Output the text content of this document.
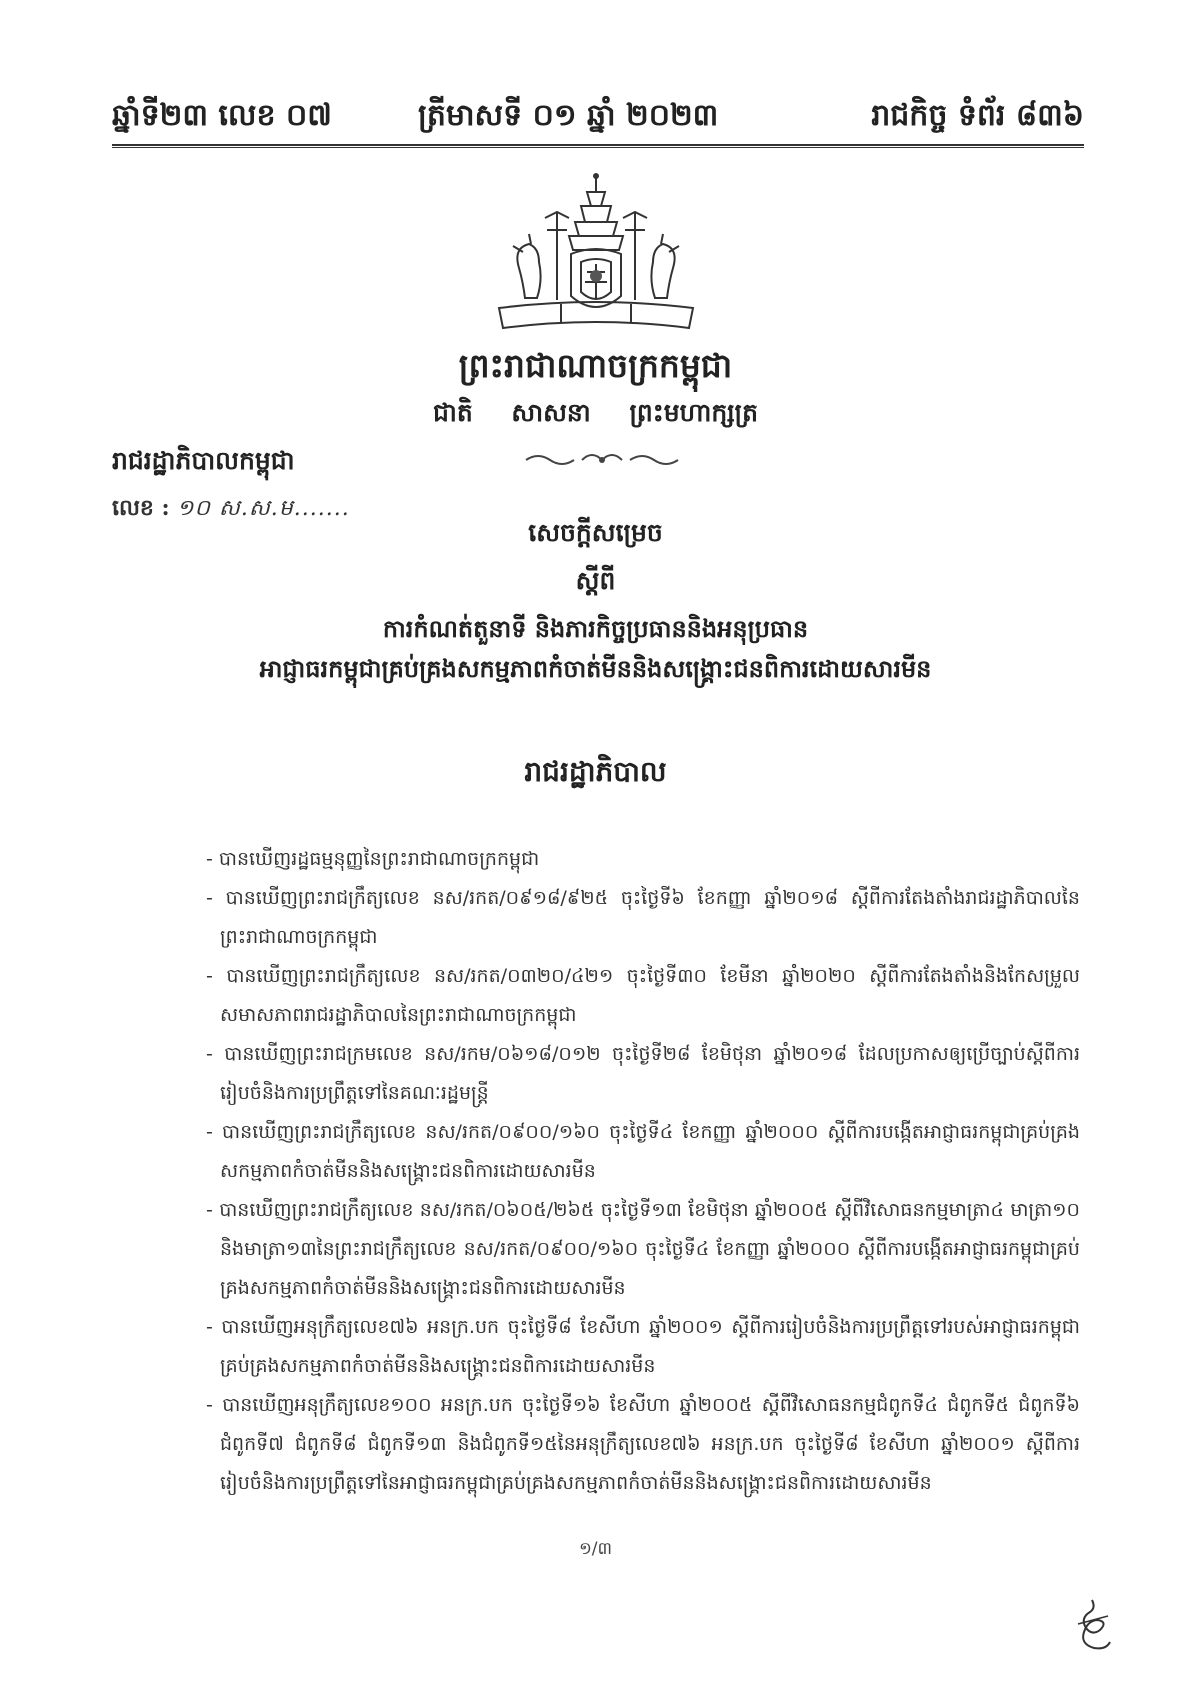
ឆ្នាំទី២៣ លេខ ០៧	ត្រីមាសទី ០១ ឆ្នាំ ២០២៣	រាជកិច្ច ទំព័រ ៨៣៦
ព្រះរាជាណាចក្រកម្ពុជា
ជាតិ សាសនា ព្រះមហាក្សត្រ
រាជរដ្ឋាភិបាលកម្ពុជា
លេខ : ១០ ស.ស.ម.......
សេចក្តីសម្រេច
ស្តីពី
ការកំណត់តួនាទី និងភារកិច្ចប្រធាននិងអនុប្រធាន
អាជ្ញាធរកម្ពុជាគ្រប់គ្រងសកម្មភាពកំចាត់មីននិងសង្គ្រោះជនពិការដោយសារមីន
រាជរដ្ឋាភិបាល

- បានឃើញរដ្ឋធម្មនុញ្ញនៃព្រះរាជាណាចក្រកម្ពុជា

- បានឃើញព្រះរាជក្រឹត្យលេខ នស/រកត/០៩១៨/៩២៥ ចុះថ្ងៃទី៦ ខែកញ្ញា ឆ្នាំ២០១៨ ស្តីពីការតែងតាំងរាជរដ្ឋាភិបាលនៃព្រះរាជាណាចក្រកម្ពុជា

- បានឃើញព្រះរាជក្រឹត្យលេខ នស/រកត/០៣២០/៤២១ ចុះថ្ងៃទី៣០ ខែមីនា ឆ្នាំ២០២០ ស្តីពីការតែងតាំងនិងកែសម្រួលសមាសភាពរាជរដ្ឋាភិបាលនៃព្រះរាជាណាចក្រកម្ពុជា

- បានឃើញព្រះរាជក្រមលេខ នស/រកម/០៦១៨/០១២ ចុះថ្ងៃទី២៨ ខែមិថុនា ឆ្នាំ២០១៨ ដែលប្រកាសឲ្យប្រើច្បាប់ស្តីពីការរៀបចំនិងការប្រព្រឹត្តទៅនៃគណៈរដ្ឋមន្ត្រី

- បានឃើញព្រះរាជក្រឹត្យលេខ នស/រកត/០៩០០/១៦០ ចុះថ្ងៃទី៤ ខែកញ្ញា ឆ្នាំ២០០០ ស្តីពីការបង្កើតអាជ្ញាធរកម្ពុជាគ្រប់គ្រងសកម្មភាពកំចាត់មីននិងសង្គ្រោះជនពិការដោយសារមីន

- បានឃើញព្រះរាជក្រឹត្យលេខ នស/រកត/០៦០៥/២៦៥ ចុះថ្ងៃទី១៣ ខែមិថុនា ឆ្នាំ២០០៥ ស្តីពីវិសោធនកម្មមាត្រា៤ មាត្រា១០ និងមាត្រា១៣នៃព្រះរាជក្រឹត្យលេខ នស/រកត/០៩០០/១៦០ ចុះថ្ងៃទី៤ ខែកញ្ញា ឆ្នាំ២០០០ ស្តីពីការបង្កើតអាជ្ញាធរកម្ពុជាគ្រប់គ្រងសកម្មភាពកំចាត់មីននិងសង្គ្រោះជនពិការដោយសារមីន

- បានឃើញអនុក្រឹត្យលេខ៧៦ អនក្រ.បក ចុះថ្ងៃទី៨ ខែសីហា ឆ្នាំ២០០១ ស្តីពីការរៀបចំនិងការប្រព្រឹត្តទៅរបស់អាជ្ញាធរកម្ពុជាគ្រប់គ្រងសកម្មភាពកំចាត់មីននិងសង្គ្រោះជនពិការដោយសារមីន

- បានឃើញអនុក្រឹត្យលេខ១០០ អនក្រ.បក ចុះថ្ងៃទី១៦ ខែសីហា ឆ្នាំ២០០៥ ស្តីពីវិសោធនកម្មជំពូកទី៤ ជំពូកទី៥ ជំពូកទី៦ ជំពូកទី៧ ជំពូកទី៨ ជំពូកទី១៣ និងជំពូកទី១៥នៃអនុក្រឹត្យលេខ៧៦ អនក្រ.បក ចុះថ្ងៃទី៨ ខែសីហា ឆ្នាំ២០០១ ស្តីពីការរៀបចំនិងការប្រព្រឹត្តទៅនៃអាជ្ញាធរកម្ពុជាគ្រប់គ្រងសកម្មភាពកំចាត់មីននិងសង្គ្រោះជនពិការដោយសារមីន

១/៣
